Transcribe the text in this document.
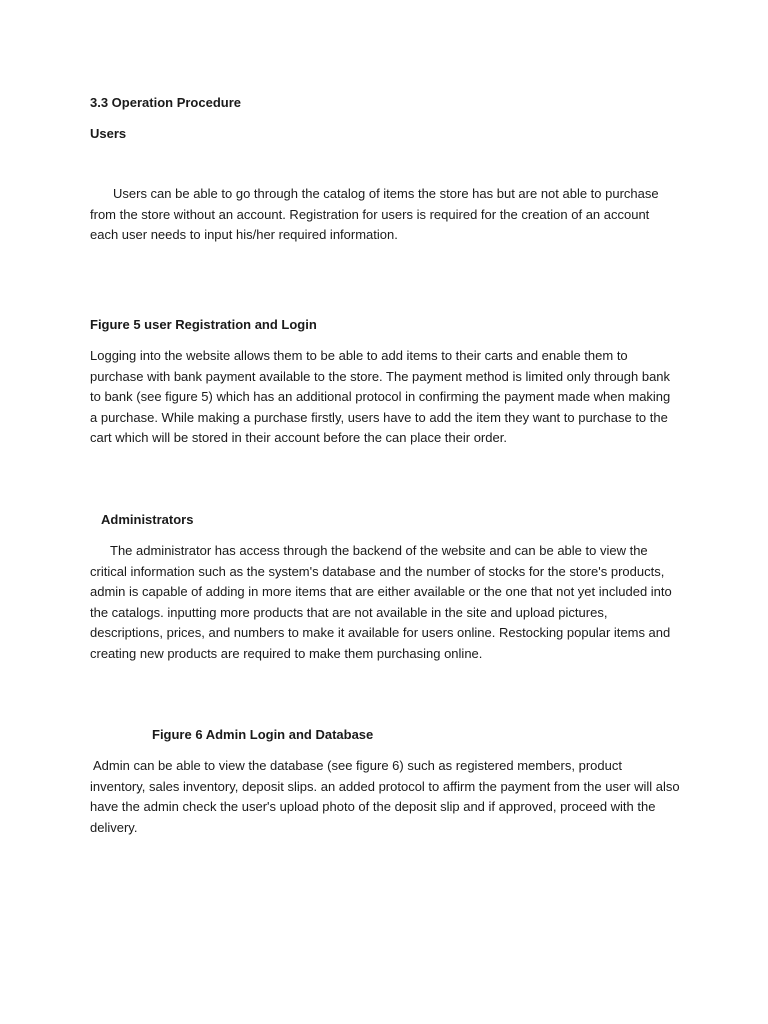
3.3 Operation Procedure

Users

Users can be able to go through the catalog of items the store has but are not able to purchase from the store without an account. Registration for users is required for the creation of an account each user needs to input his/her required information.

Figure 5 user Registration and Login

Logging into the website allows them to be able to add items to their carts and enable them to purchase with bank payment available to the store. The payment method is limited only through bank to bank (see figure 5) which has an additional protocol in confirming the payment made when making a purchase. While making a purchase firstly, users have to add the item they want to purchase to the cart which will be stored in their account before the can place their order.

Administrators

The administrator has access through the backend of the website and can be able to view the critical information such as the system's database and the number of stocks for the store's products, admin is capable of adding in more items that are either available or the one that not yet included into the catalogs. inputting more products that are not available in the site and upload pictures, descriptions, prices, and numbers to make it available for users online. Restocking popular items and creating new products are required to make them purchasing online.

Figure 6 Admin Login and Database

Admin can be able to view the database (see figure 6) such as registered members, product inventory, sales inventory, deposit slips. an added protocol to affirm the payment from the user will also have the admin check the user's upload photo of the deposit slip and if approved, proceed with the delivery.
